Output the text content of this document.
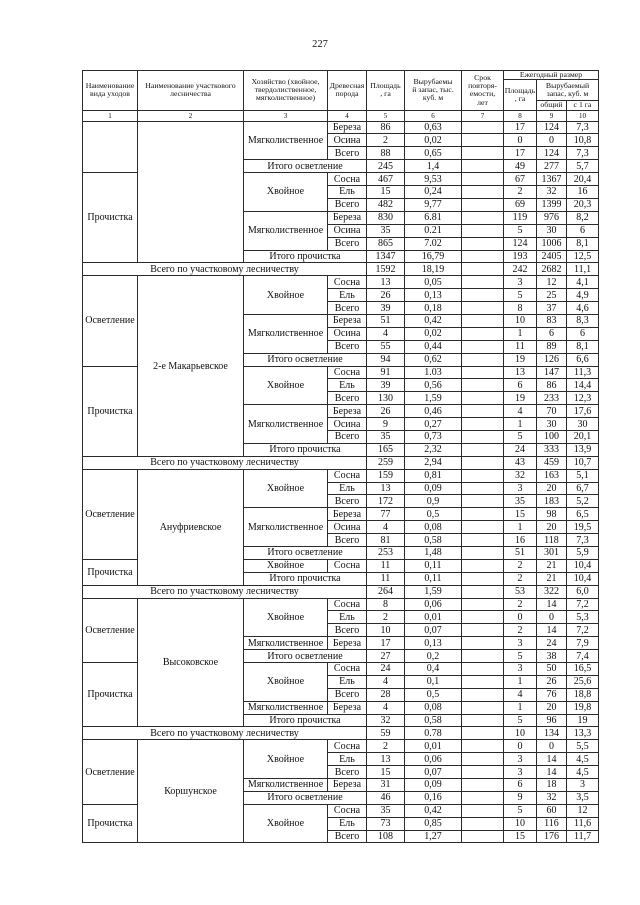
227
Наименование
вида уходов	Наименование участкового
лесничества	Хозяйство (хвойное,
твердолиственное,
мягколиственное)	Древесная
порода	Площадь
, га	Вырубаемы
й запас, тыс.
куб. м	Срок
повторя-
емости,
лет	Ежегодный размер		
							Площадь
, га	Вырубаемый
запас, куб. м	
								общий	с 1 га
1	2	3	4	5	6	7	8	9	10
		Мягколиственное	Береза	86	0,63		17	124	7,3
			Осина	2	0,02		0	0	10,8
			Всего	88	0,65		17	124	7,3
		Итого осветление		245	1,4		49	277	5,7
Прочистка		Хвойное	Сосна	467	9,53		67	1367	20,4
			Ель	15	0,24		2	32	16
			Всего	482	9,77		69	1399	20,3
		Мягколиственное	Береза	830	6.81		119	976	8,2
			Осина	35	0.21		5	30	6
			Всего	865	7.02		124	1006	8,1
		Итого прочистка		1347	16,79		193	2405	12,5
Всего по участковому лесничеству				1592	18,19		242	2682	11,1
Осветление	2-е Макарьевское	Хвойное	Сосна	13	0,05		3	12	4,1
			Ель	26	0,13		5	25	4,9
			Всего	39	0,18		8	37	4,6
		Мягколиственное	Береза	51	0,42		10	83	8,3
			Осина	4	0,02		1	6	6
			Всего	55	0,44		11	89	8,1
		Итого осветление		94	0,62		19	126	6,6
Прочистка		Хвойное	Сосна	91	1.03		13	147	11,3
			Ель	39	0,56		6	86	14,4
			Всего	130	1,59		19	233	12,3
		Мягколиственное	Береза	26	0,46		4	70	17,6
			Осина	9	0,27		1	30	30
			Всего	35	0,73		5	100	20,1
		Итого прочистка		165	2,32		24	333	13,9
Всего по участковому лесничеству				259	2,94		43	459	10,7
Осветление	Ануфриевское	Хвойное	Сосна	159	0,81		32	163	5,1
			Ель	13	0,09		3	20	6,7
			Всего	172	0,9		35	183	5,2
		Мягколиственное	Береза	77	0,5		15	98	6,5
			Осина	4	0,08		1	20	19,5
			Всего	81	0,58		16	118	7,3
		Итого осветление		253	1,48		51	301	5,9
Прочистка		Хвойное	Сосна	11	0,11		2	21	10,4
		Итого прочистка		11	0,11		2	21	10,4
Всего по участковому лесничеству				264	1,59		53	322	6,0
Осветление	Высоковское	Хвойное	Сосна	8	0,06		2	14	7,2
			Ель	2	0,01		0	0	5,3
			Всего	10	0,07		2	14	7,2
		Мягколиственное	Береза	17	0,13		3	24	7,9
		Итого осветление		27	0,2		5	38	7,4
Прочистка		Хвойное	Сосна	24	0,4		3	50	16,5
			Ель	4	0,1		1	26	25,6
			Всего	28	0,5		4	76	18,8
		Мягколиственное	Береза	4	0,08		1	20	19,8
		Итого прочистка		32	0,58		5	96	19
Всего по участковому лесничеству				59	0.78		10	134	13,3
Осветление	Коршунское	Хвойное	Сосна	2	0,01		0	0	5,5
			Ель	13	0,06		3	14	4,5
			Всего	15	0,07		3	14	4,5
		Мягколиственное	Береза	31	0,09		6	18	3
		Итого осветление		46	0,16		9	32	3,5
Прочистка		Хвойное	Сосна	35	0,42		5	60	12
			Ель	73	0,85		10	116	11,6
			Всего	108	1,27		15	176	11,7
